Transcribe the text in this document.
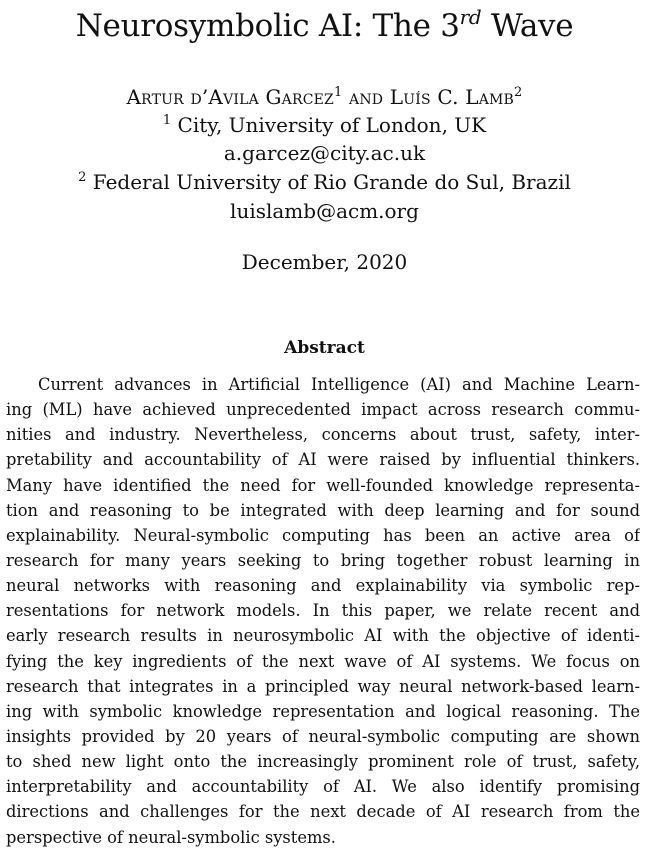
Neurosymbolic AI: The 3rd Wave
Artur d’Avila Garcez$^1$ and Luís C. Lamb$^2$
$^1$ City, University of London, UK
a.garcez@city.ac.uk
$^2$ Federal University of Rio Grande do Sul, Brazil
luislamb@acm.org
December, 2020
Abstract
Current advances in Artificial Intelligence (AI) and Machine Learn-
ing (ML) have achieved unprecedented impact across research commu-
nities and industry. Nevertheless, concerns about trust, safety, inter-
pretability and accountability of AI were raised by influential thinkers.
Many have identified the need for well-founded knowledge representa-
tion and reasoning to be integrated with deep learning and for sound
explainability. Neural-symbolic computing has been an active area of
research for many years seeking to bring together robust learning in
neural networks with reasoning and explainability via symbolic rep-
resentations for network models. In this paper, we relate recent and
early research results in neurosymbolic AI with the objective of identi-
fying the key ingredients of the next wave of AI systems. We focus on
research that integrates in a principled way neural network-based learn-
ing with symbolic knowledge representation and logical reasoning. The
insights provided by 20 years of neural-symbolic computing are shown
to shed new light onto the increasingly prominent role of trust, safety,
interpretability and accountability of AI. We also identify promising
directions and challenges for the next decade of AI research from the
perspective of neural-symbolic systems.
